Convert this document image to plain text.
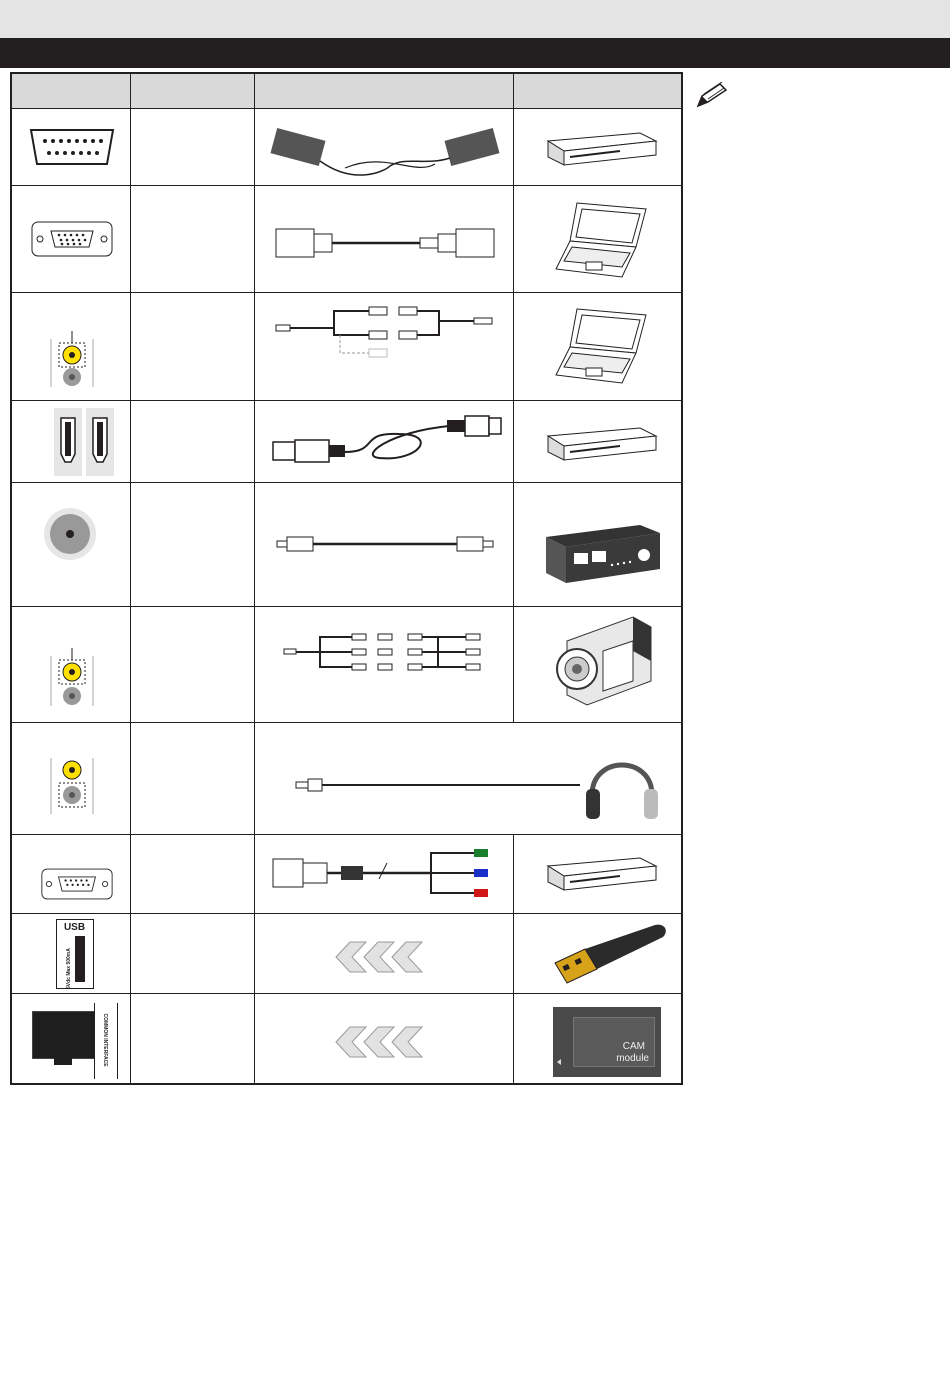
USB
5Vdc Max 500mA
COMMON INTERFACE	CAM
module
